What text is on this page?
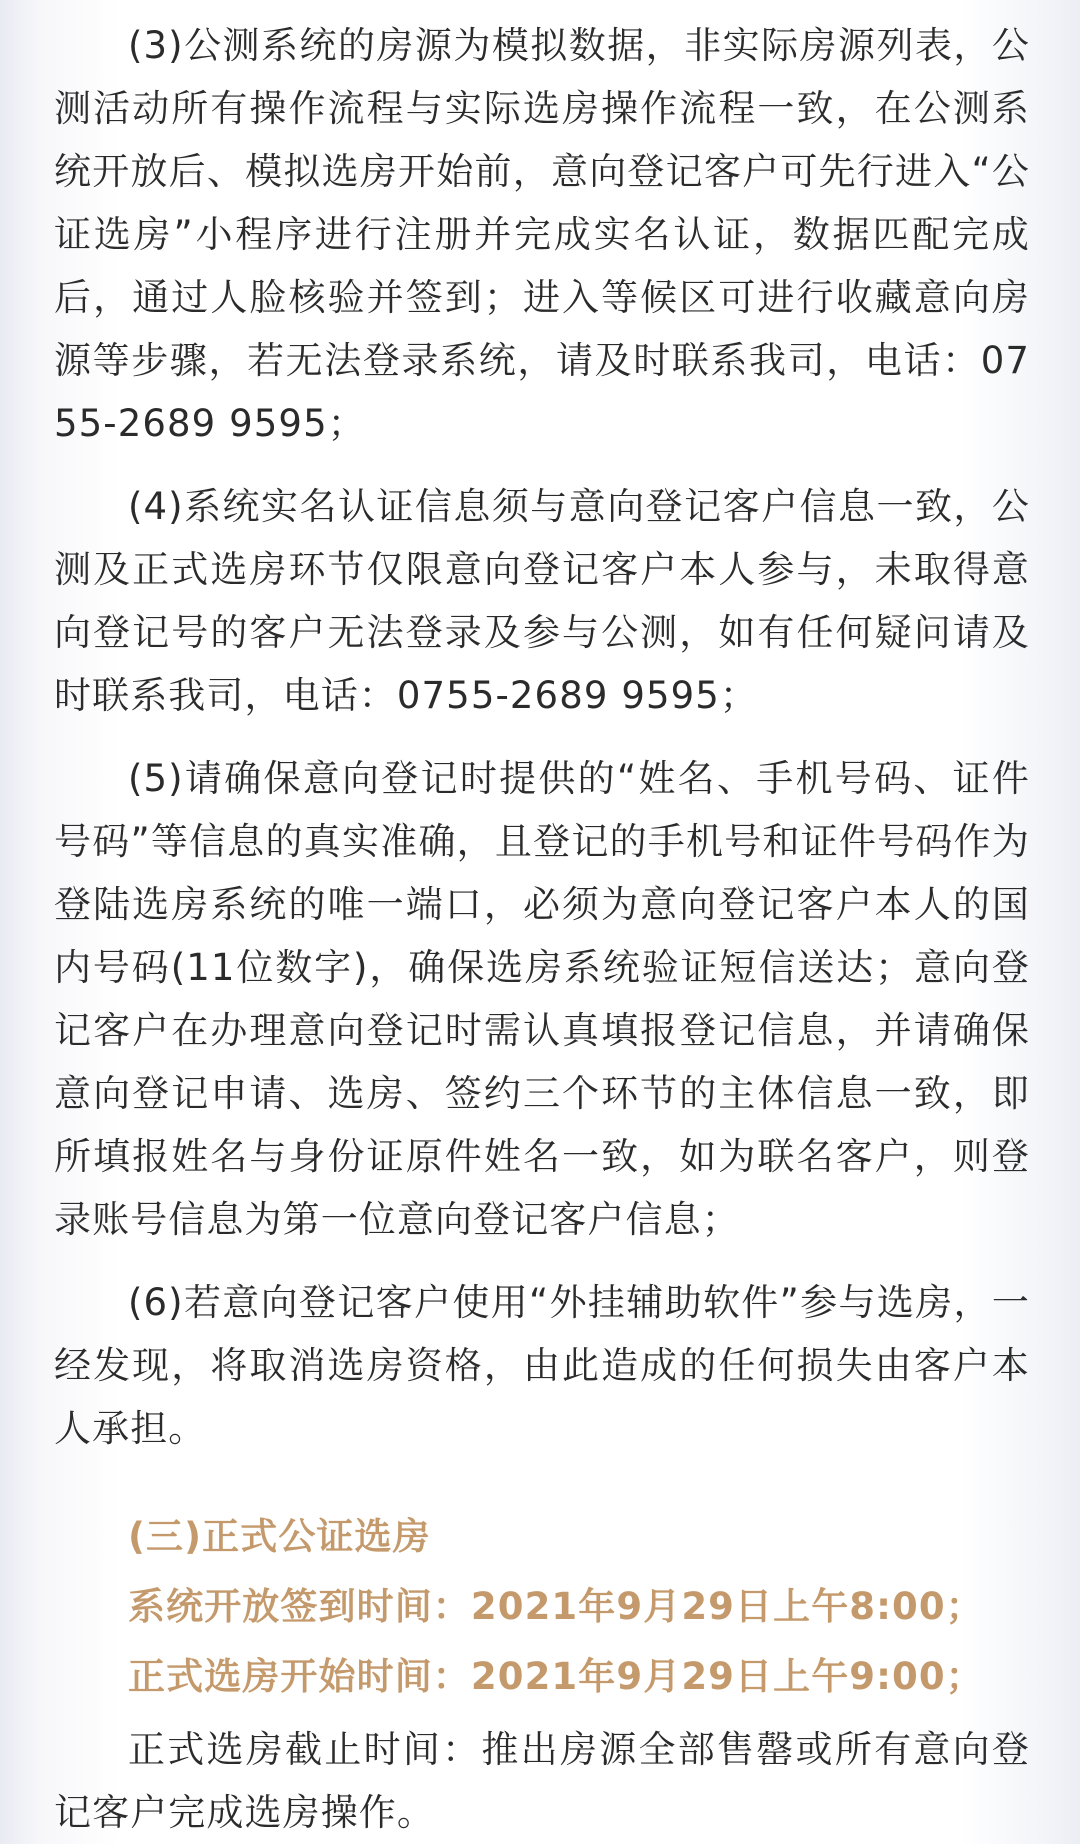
(3)公测系统的房源为模拟数据，非实际房源列表，公测活动所有操作流程与实际选房操作流程一致，在公测系统开放后、模拟选房开始前，意向登记客户可先行进入“公证选房”小程序进行注册并完成实名认证，数据匹配完成后，通过人脸核验并签到；进入等候区可进行收藏意向房源等步骤，若无法登录系统，请及时联系我司，电话：0755-2689 9595；

(4)系统实名认证信息须与意向登记客户信息一致，公测及正式选房环节仅限意向登记客户本人参与，未取得意向登记号的客户无法登录及参与公测，如有任何疑问请及时联系我司，电话：0755-2689 9595；

(5)请确保意向登记时提供的“姓名、手机号码、证件号码”等信息的真实准确，且登记的手机号和证件号码作为登陆选房系统的唯一端口，必须为意向登记客户本人的国内号码(11位数字)，确保选房系统验证短信送达；意向登记客户在办理意向登记时需认真填报登记信息，并请确保意向登记申请、选房、签约三个环节的主体信息一致，即所填报姓名与身份证原件姓名一致，如为联名客户，则登录账号信息为第一位意向登记客户信息；

(6)若意向登记客户使用“外挂辅助软件”参与选房，一经发现，将取消选房资格，由此造成的任何损失由客户本人承担。

(三)正式公证选房

系统开放签到时间：2021年9月29日上午8:00；

正式选房开始时间：2021年9月29日上午9:00；

正式选房截止时间：推出房源全部售罄或所有意向登记客户完成选房操作。
